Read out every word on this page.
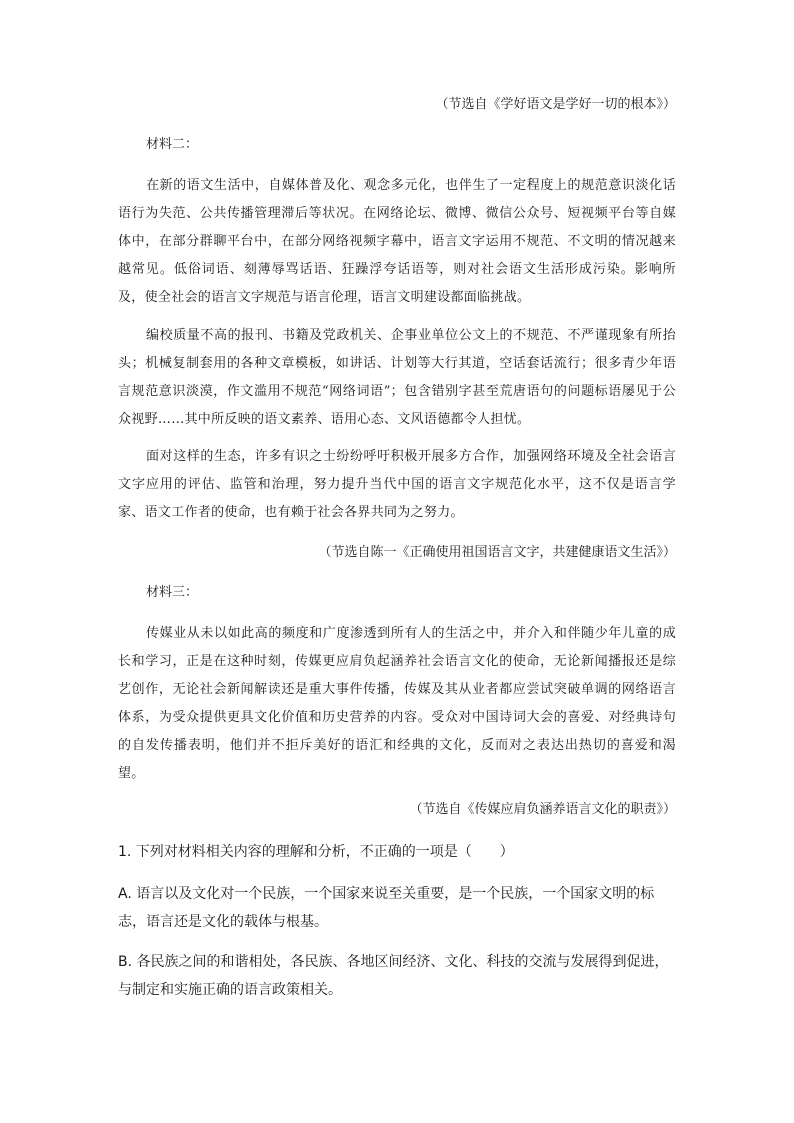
（节选自《学好语文是学好一切的根本》）

材料二：

在新的语文生活中，自媒体普及化、观念多元化，也伴生了一定程度上的规范意识淡化话语行为失范、公共传播管理滞后等状况。在网络论坛、微博、微信公众号、短视频平台等自媒体中，在部分群聊平台中，在部分网络视频字幕中，语言文字运用不规范、不文明的情况越来越常见。低俗词语、刻薄辱骂话语、狂躁浮夸话语等，则对社会语文生活形成污染。影响所及，使全社会的语言文字规范与语言伦理，语言文明建设都面临挑战。

编校质量不高的报刊、书籍及党政机关、企事业单位公文上的不规范、不严谨现象有所抬头；机械复制套用的各种文章模板，如讲话、计划等大行其道，空话套话流行；很多青少年语言规范意识淡漠，作文滥用不规范“网络词语”；包含错别字甚至荒唐语句的问题标语屡见于公众视野……其中所反映的语文素养、语用心态、文风语德都令人担忧。

面对这样的生态，许多有识之士纷纷呼吁积极开展多方合作，加强网络环境及全社会语言文字应用的评估、监管和治理，努力提升当代中国的语言文字规范化水平，这不仅是语言学家、语文工作者的使命，也有赖于社会各界共同为之努力。

（节选自陈一《正确使用祖国语言文字，共建健康语文生活》）

材料三：

传媒业从未以如此高的频度和广度渗透到所有人的生活之中，并介入和伴随少年儿童的成长和学习，正是在这种时刻，传媒更应肩负起涵养社会语言文化的使命，无论新闻播报还是综艺创作，无论社会新闻解读还是重大事件传播，传媒及其从业者都应尝试突破单调的网络语言体系，为受众提供更具文化价值和历史营养的内容。受众对中国诗词大会的喜爱、对经典诗句的自发传播表明，他们并不拒斥美好的语汇和经典的文化，反而对之表达出热切的喜爱和渴望。

（节选自《传媒应肩负涵养语言文化的职责》）

1. 下列对材料相关内容的理解和分析，不正确的一项是（　　）

A. 语言以及文化对一个民族，一个国家来说至关重要，是一个民族，一个国家文明的标志，语言还是文化的载体与根基。

B. 各民族之间的和谐相处，各民族、各地区间经济、文化、科技的交流与发展得到促进，与制定和实施正确的语言政策相关。
